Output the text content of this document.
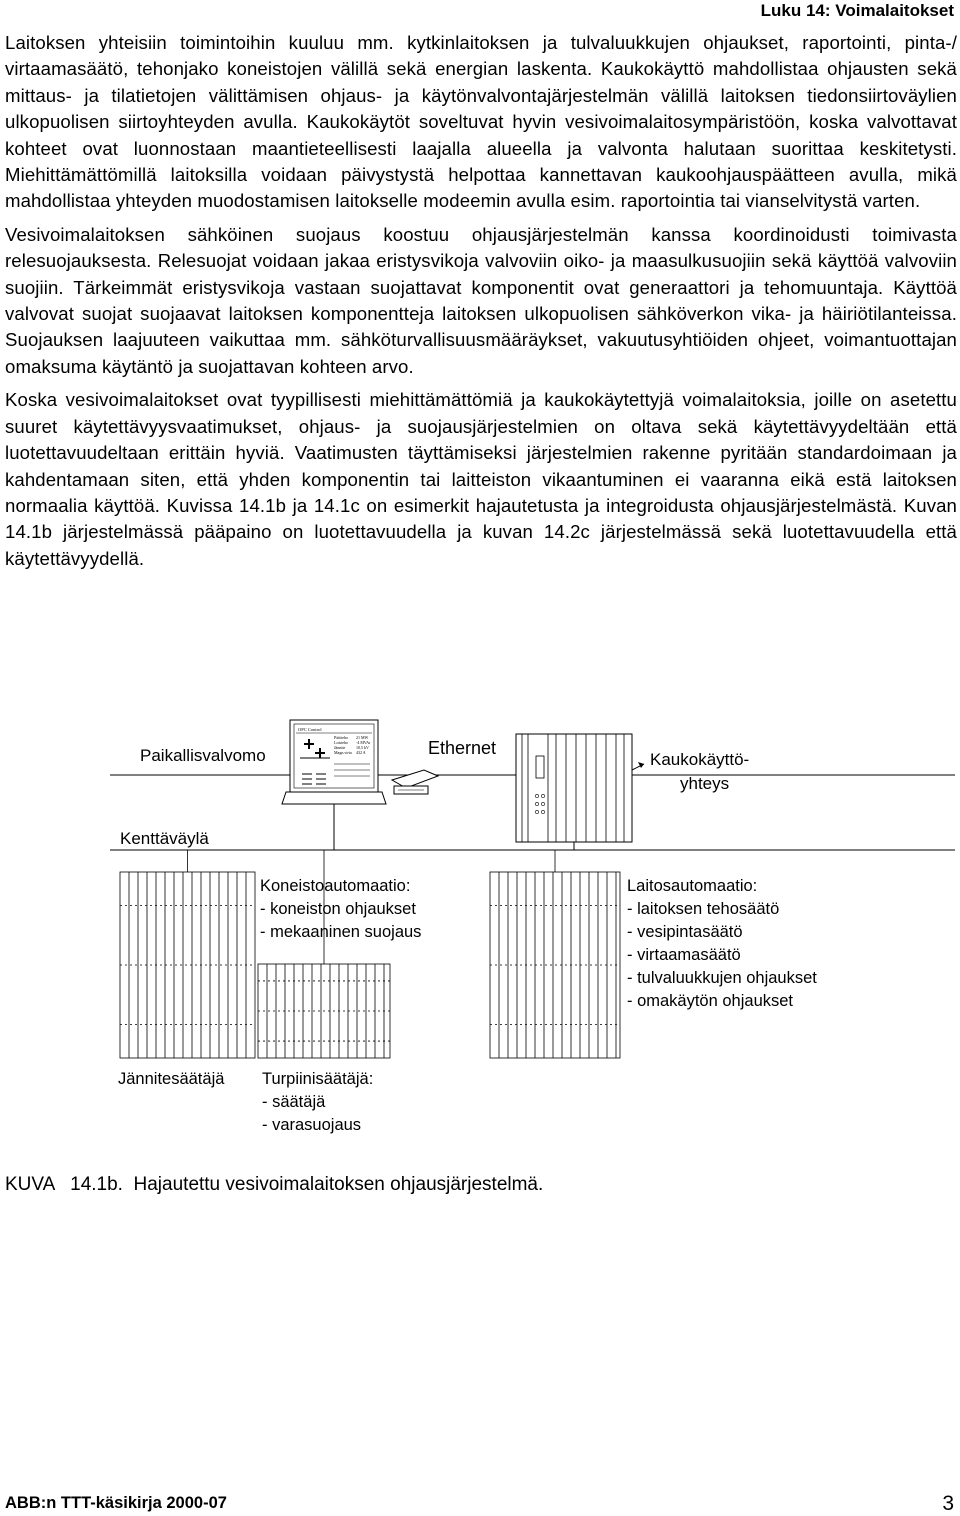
Luku 14: Voimalaitokset

Laitoksen yhteisiin toimintoihin kuuluu mm. kytkinlaitoksen ja tulvaluukkujen ohjaukset, raportointi, pinta-/ virtaamasäätö, tehonjako koneistojen välillä sekä energian laskenta. Kaukokäyttö mahdollistaa ohjausten sekä mittaus- ja tilatietojen välittämisen ohjaus- ja käytönvalvontajärjestelmän välillä laitoksen tiedonsiirtoväylien ulkopuolisen siirtoyhteyden avulla. Kaukokäytöt soveltuvat hyvin vesivoimalaitosympäristöön, koska valvottavat kohteet ovat luonnostaan maantieteellisesti laajalla alueella ja valvonta halutaan suorittaa keskitetysti. Miehittämättömillä laitoksilla voidaan päivystystä helpottaa kannettavan kaukoohjauspäätteen avulla, mikä mahdollistaa yhteyden muodostamisen laitokselle modeemin avulla esim. raportointia tai vianselvitystä varten.

Vesivoimalaitoksen sähköinen suojaus koostuu ohjausjärjestelmän kanssa koordinoidusti toimivasta relesuojauksesta. Relesuojat voidaan jakaa eristysvikoja valvoviin oiko- ja maasulkusuojiin sekä käyttöä valvoviin suojiin. Tärkeimmät eristysvikoja vastaan suojattavat komponentit ovat generaattori ja tehomuuntaja. Käyttöä valvovat suojat suojaavat laitoksen komponentteja laitoksen ulkopuolisen sähköverkon vika- ja häiriötilanteissa. Suojauksen laajuuteen vaikuttaa mm. sähköturvallisuusmääräykset, vakuutusyhtiöiden ohjeet, voimantuottajan omaksuma käytäntö ja suojattavan kohteen arvo.

Koska vesivoimalaitokset ovat tyypillisesti miehittämättömiä ja kaukokäytettyjä voimalaitoksia, joille on asetettu suuret käytettävyysvaatimukset, ohjaus- ja suojausjärjestelmien on oltava sekä käytettävyydeltään että luotettavuudeltaan erittäin hyviä. Vaatimusten täyttämiseksi järjestelmien rakenne pyritään standardoimaan ja kahdentamaan siten, että yhden komponentin tai laitteiston vikaantuminen ei vaaranna eikä estä laitoksen normaalia käyttöä. Kuvissa 14.1b ja 14.1c on esimerkit hajautetusta ja integroidusta ohjausjärjestelmästä. Kuvan 14.1b järjestelmässä pääpaino on luotettavuudella ja kuvan 14.2c järjestelmässä sekä luotettavuudella että käytettävyydellä.

OPC Control
Pätöteho
Loisteho
Jännite
Magn.virta
21 MW
-4 MVAr
10,5 kV
432 A
Paikallisvalvomo	Ethernet
Kaukokäyttö-
yhteys
Kenttäväylä
Koneistoautomaatio:
- koneiston ohjaukset
- mekaaninen suojaus
Laitosautomaatio:
- laitoksen tehosäätö
- vesipintasäätö
- virtaamasäätö
- tulvaluukkujen ohjaukset
- omakäytön ohjaukset
Jännitesäätäjä Turpiinisäätäjä:
- säätäjä
- varasuojaus
KUVA 14.1b. Hajautettu vesivoimalaitoksen ohjausjärjestelmä.
ABB:n TTT-käsikirja 2000-07	3
